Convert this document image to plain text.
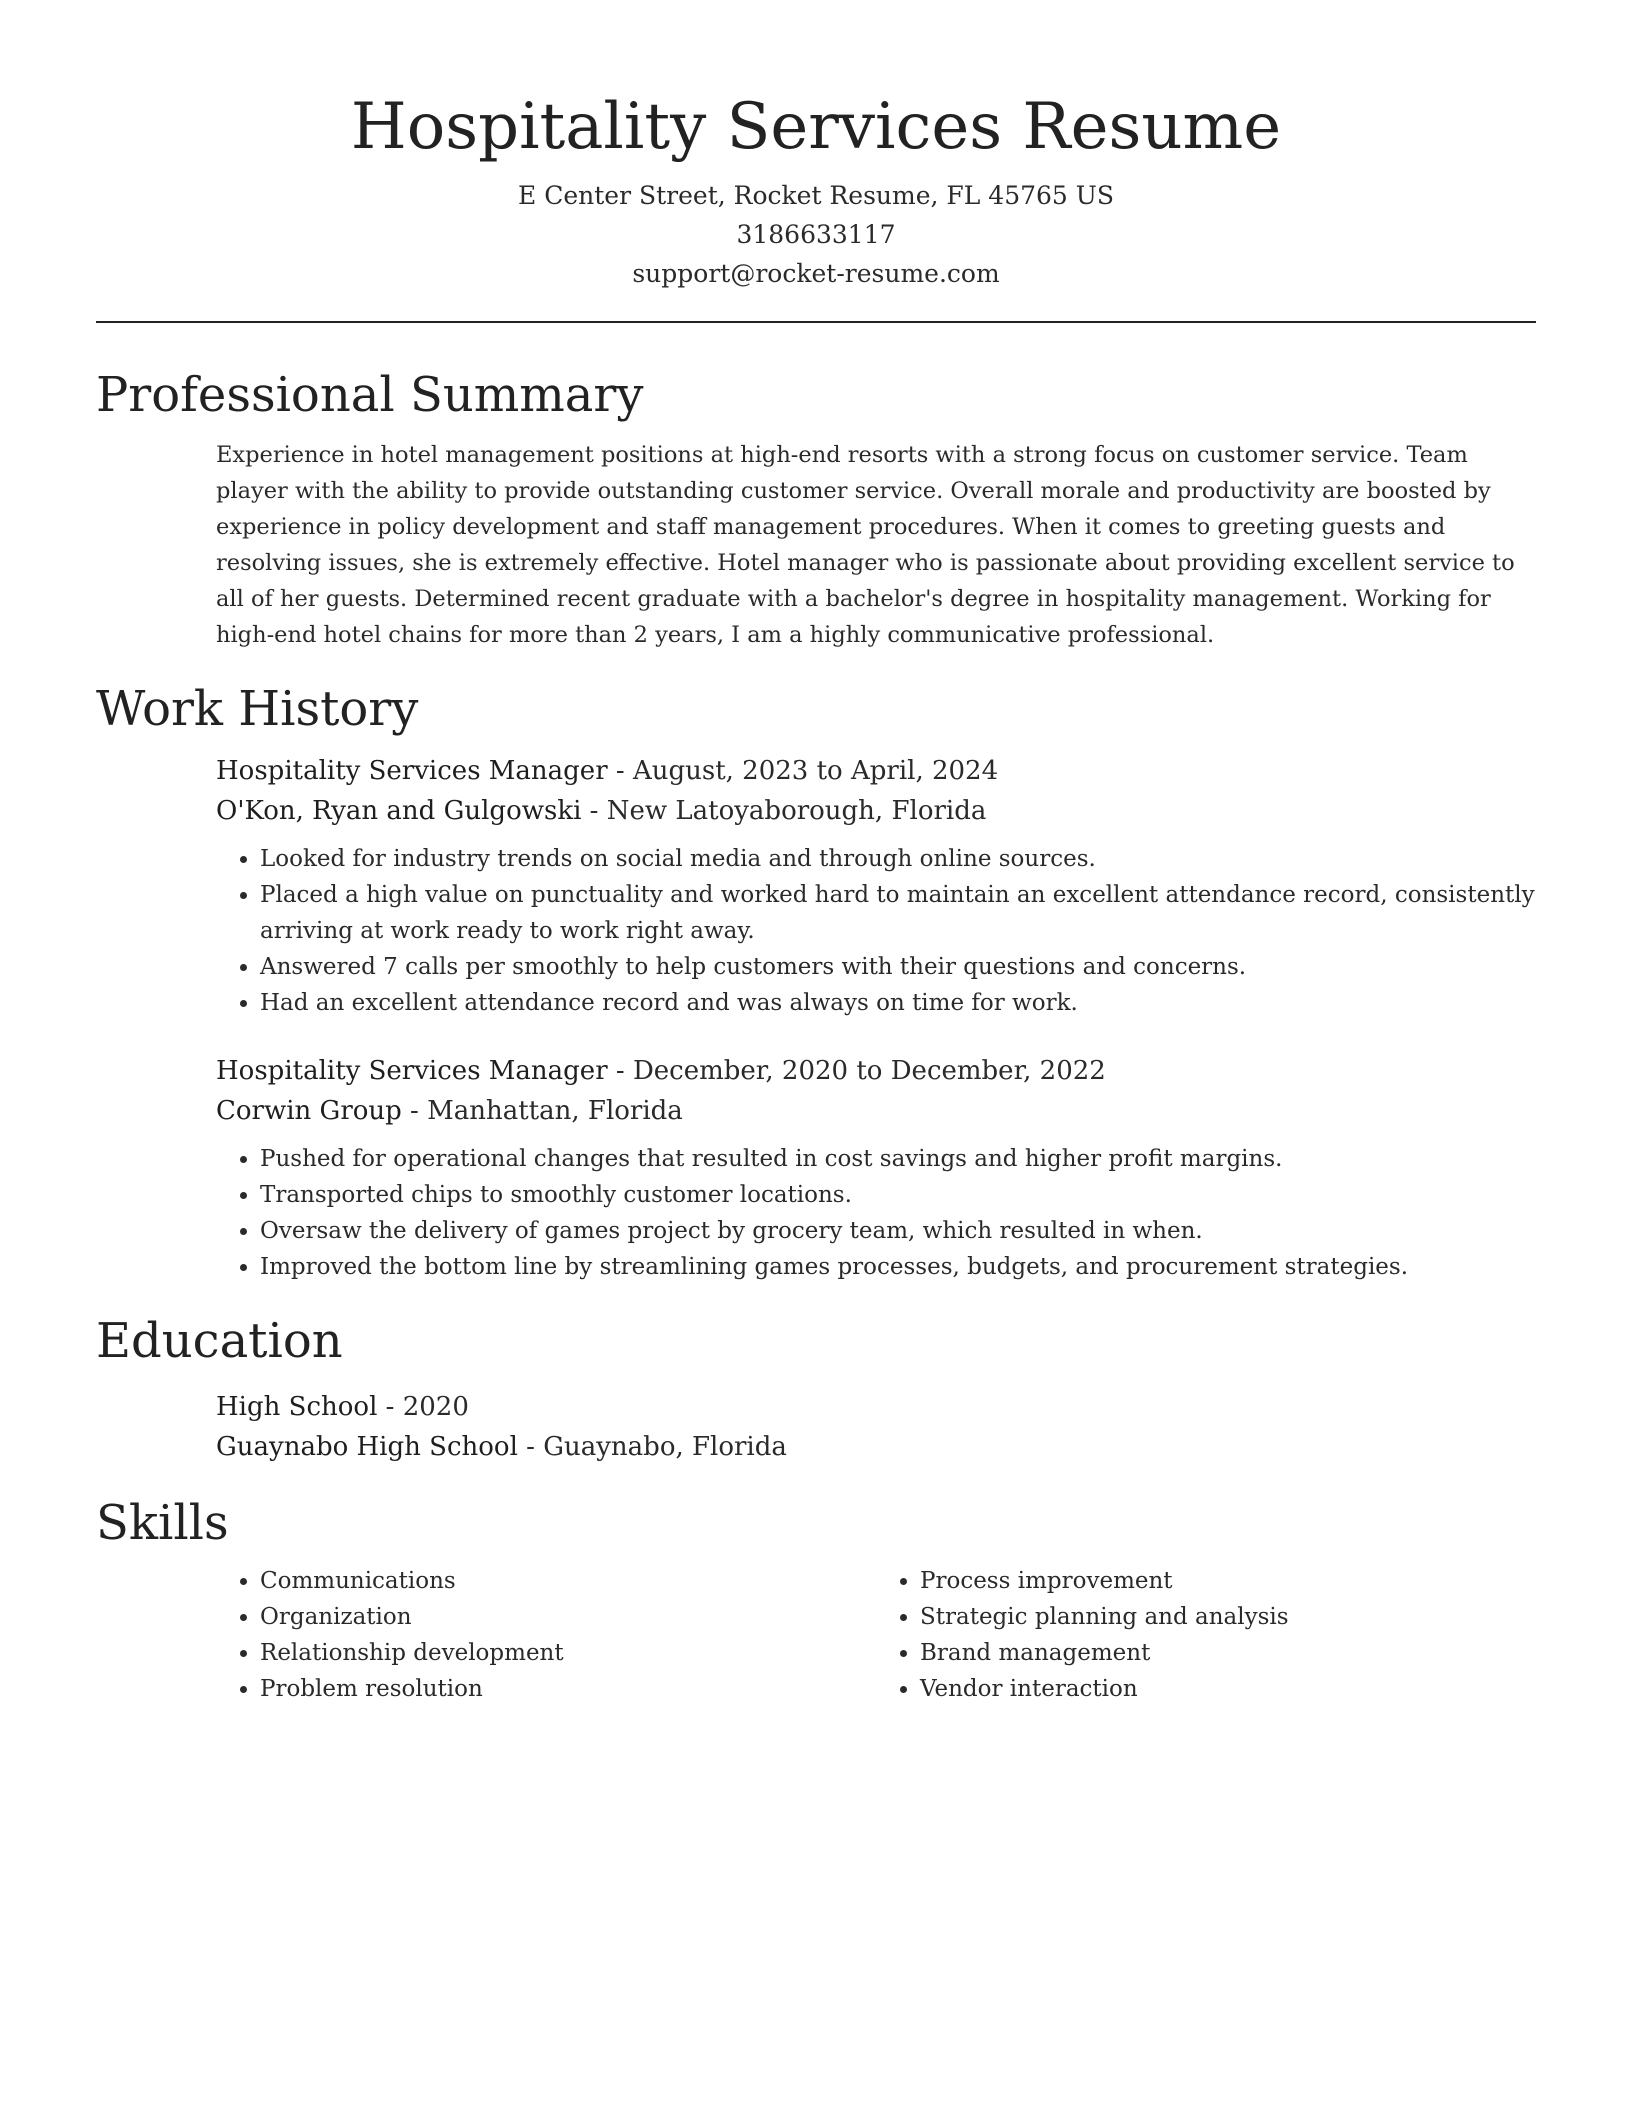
Hospitality Services Resume
E Center Street, Rocket Resume, FL 45765 US
3186633117
support@rocket-resume.com
Professional Summary

Experience in hotel management positions at high-end resorts with a strong focus on customer service. Team player with the ability to provide outstanding customer service. Overall morale and productivity are boosted by experience in policy development and staff management procedures. When it comes to greeting guests and resolving issues, she is extremely effective. Hotel manager who is passionate about providing excellent service to all of her guests. Determined recent graduate with a bachelor's degree in hospitality management. Working for high-end hotel chains for more than 2 years, I am a highly communicative professional.

Work History
Hospitality Services Manager - August, 2023 to April, 2024
O'Kon, Ryan and Gulgowski - New Latoyaborough, Florida
• Looked for industry trends on social media and through online sources.
• Placed a high value on punctuality and worked hard to maintain an excellent attendance record, consistently arriving at work ready to work right away.
• Answered 7 calls per smoothly to help customers with their questions and concerns.
• Had an excellent attendance record and was always on time for work.
Hospitality Services Manager - December, 2020 to December, 2022
Corwin Group - Manhattan, Florida
• Pushed for operational changes that resulted in cost savings and higher profit margins.
• Transported chips to smoothly customer locations.
• Oversaw the delivery of games project by grocery team, which resulted in when.
• Improved the bottom line by streamlining games processes, budgets, and procurement strategies.
Education
High School - 2020
Guaynabo High School - Guaynabo, Florida
Skills
• Communications
• Organization
• Relationship development
• Problem resolution
• Process improvement
• Strategic planning and analysis
• Brand management
• Vendor interaction
